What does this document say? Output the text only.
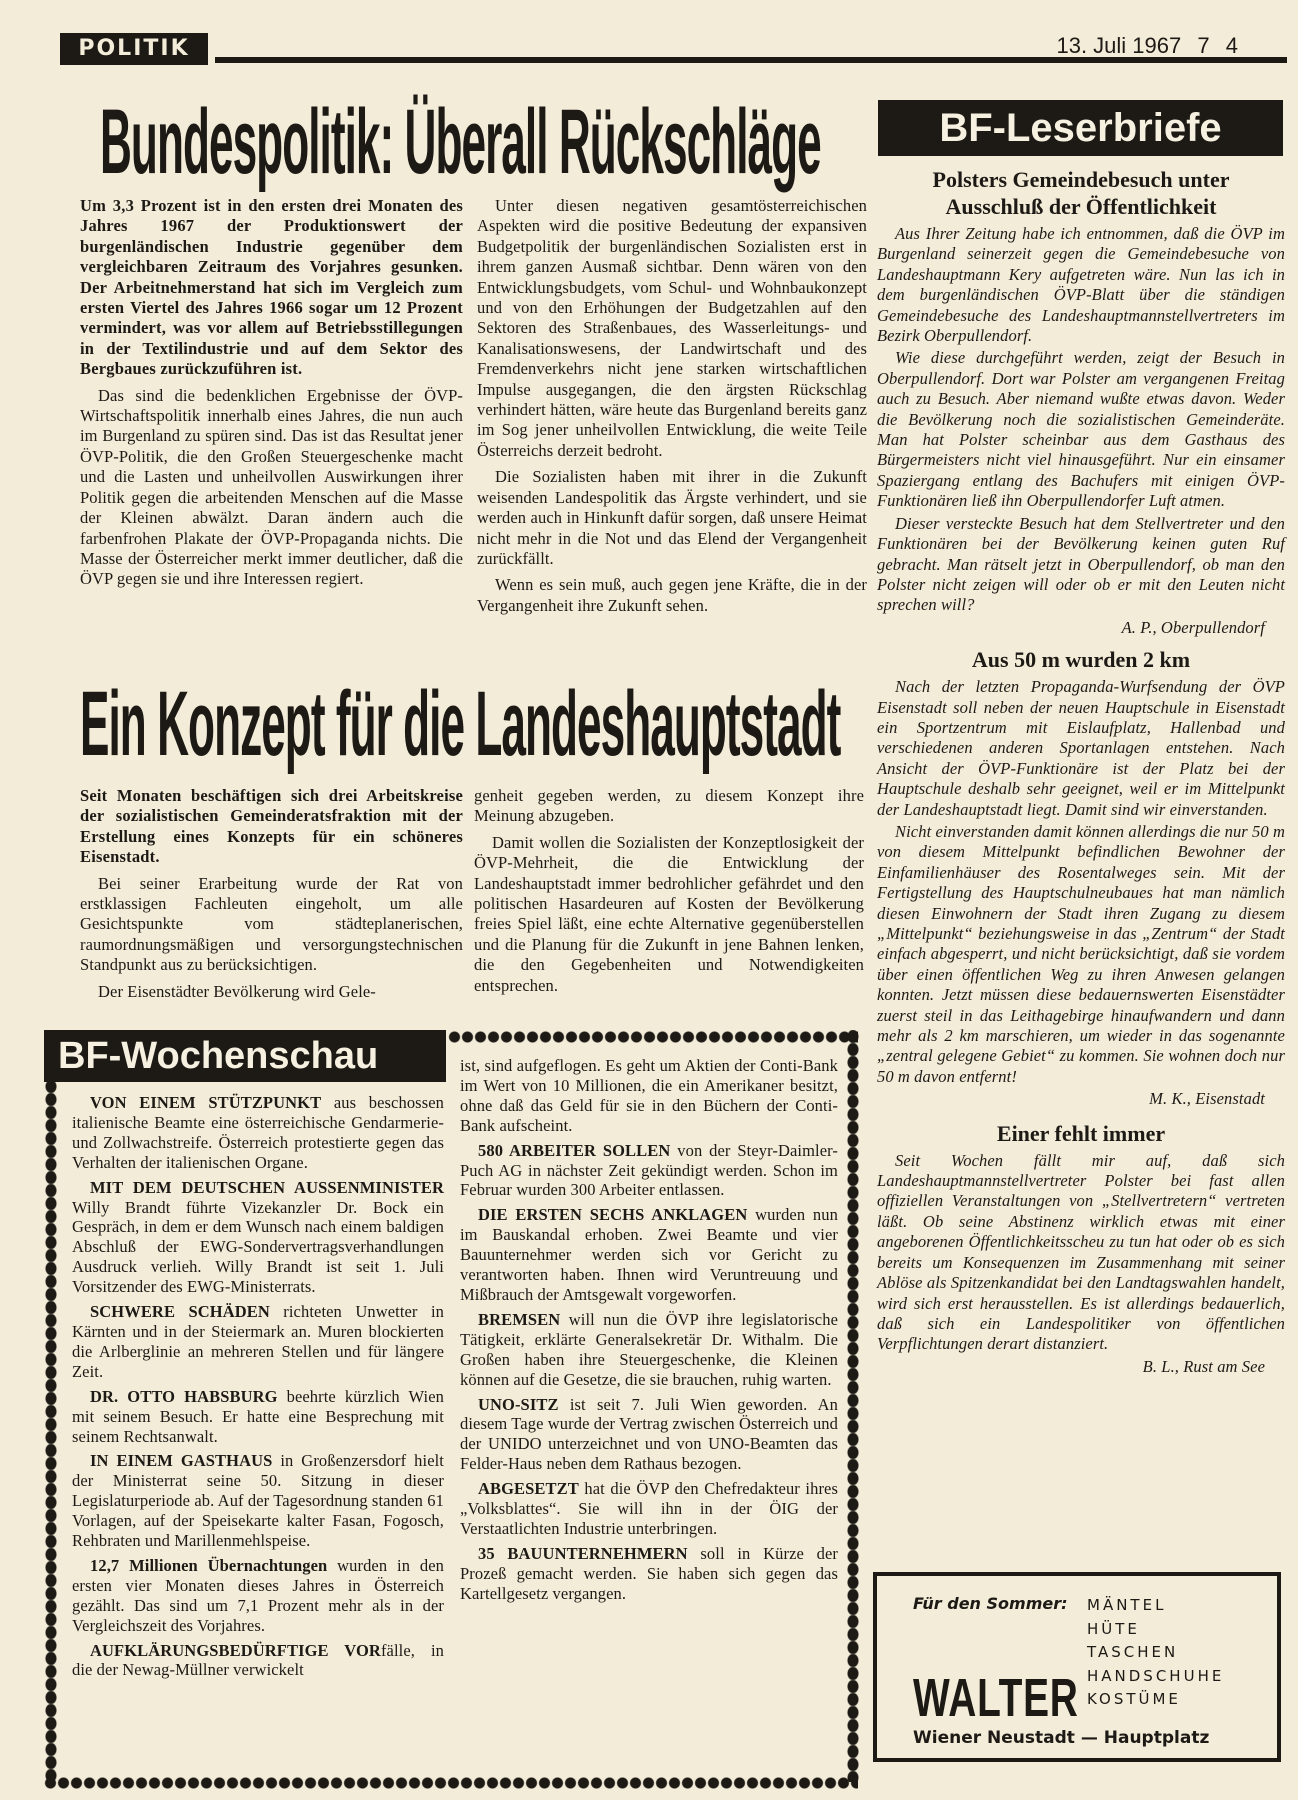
POLITIK	13. Juli 1967 7 4
Bundespolitik: Überall Rückschläge

Um 3,3 Prozent ist in den ersten drei Monaten des Jahres 1967 der Produktionswert der burgenländischen Industrie gegenüber dem vergleichbaren Zeitraum des Vorjahres gesunken. Der Arbeitnehmerstand hat sich im Vergleich zum ersten Viertel des Jahres 1966 sogar um 12 Prozent vermindert, was vor allem auf Betriebsstillegungen in der Textilindustrie und auf dem Sektor des Bergbaues zurückzuführen ist.

Das sind die bedenklichen Ergebnisse der ÖVP-Wirtschaftspolitik innerhalb eines Jahres, die nun auch im Burgenland zu spüren sind. Das ist das Resultat jener ÖVP-Politik, die den Großen Steuergeschenke macht und die Lasten und unheilvollen Auswirkungen ihrer Politik gegen die arbeitenden Menschen auf die Masse der Kleinen abwälzt. Daran ändern auch die farbenfrohen Plakate der ÖVP-Propaganda nichts. Die Masse der Österreicher merkt immer deutlicher, daß die ÖVP gegen sie und ihre Interessen regiert.

Unter diesen negativen gesamtösterreichischen Aspekten wird die positive Bedeutung der expansiven Budgetpolitik der burgenländischen Sozialisten erst in ihrem ganzen Ausmaß sichtbar. Denn wären von den Entwicklungsbudgets, vom Schul- und Wohnbaukonzept und von den Erhöhungen der Budgetzahlen auf den Sektoren des Straßenbaues, des Wasserleitungs- und Kanalisationswesens, der Landwirtschaft und des Fremdenverkehrs nicht jene starken wirtschaftlichen Impulse ausgegangen, die den ärgsten Rückschlag verhindert hätten, wäre heute das Burgenland bereits ganz im Sog jener unheilvollen Entwicklung, die weite Teile Österreichs derzeit bedroht.

Die Sozialisten haben mit ihrer in die Zukunft weisenden Landespolitik das Ärgste verhindert, und sie werden auch in Hinkunft dafür sorgen, daß unsere Heimat nicht mehr in die Not und das Elend der Vergangenheit zurückfällt.

Wenn es sein muß, auch gegen jene Kräfte, die in der Vergangenheit ihre Zukunft sehen.

Ein Konzept für die Landeshauptstadt

Seit Monaten beschäftigen sich drei Arbeitskreise der sozialistischen Gemeinderatsfraktion mit der Erstellung eines Konzepts für ein schöneres Eisenstadt.

Bei seiner Erarbeitung wurde der Rat von erstklassigen Fachleuten eingeholt, um alle Gesichtspunkte vom städteplanerischen, raumordnungsmäßigen und versorgungstechnischen Standpunkt aus zu berücksichtigen.

Der Eisenstädter Bevölkerung wird Gele-

genheit gegeben werden, zu diesem Konzept ihre Meinung abzugeben.

Damit wollen die Sozialisten der Konzeptlosigkeit der ÖVP-Mehrheit, die die Entwicklung der Landeshauptstadt immer bedrohlicher gefährdet und den politischen Hasardeuren auf Kosten der Bevölkerung freies Spiel läßt, eine echte Alternative gegenüberstellen und die Planung für die Zukunft in jene Bahnen lenken, die den Gegebenheiten und Notwendigkeiten entsprechen.

BF-Leserbriefe
Polsters Gemeindebesuch unter Ausschluß der Öffentlichkeit

Aus Ihrer Zeitung habe ich entnommen, daß die ÖVP im Burgenland seinerzeit gegen die Gemeindebesuche von Landeshauptmann Kery aufgetreten wäre. Nun las ich in dem burgenländischen ÖVP-Blatt über die ständigen Gemeindebesuche des Landeshauptmannstellvertreters im Bezirk Oberpullendorf.

Wie diese durchgeführt werden, zeigt der Besuch in Oberpullendorf. Dort war Polster am vergangenen Freitag auch zu Besuch. Aber niemand wußte etwas davon. Weder die Bevölkerung noch die sozialistischen Gemeinderäte. Man hat Polster scheinbar aus dem Gasthaus des Bürgermeisters nicht viel hinausgeführt. Nur ein einsamer Spaziergang entlang des Bachufers mit einigen ÖVP-Funktionären ließ ihn Oberpullendorfer Luft atmen.

Dieser versteckte Besuch hat dem Stellvertreter und den Funktionären bei der Bevölkerung keinen guten Ruf gebracht. Man rätselt jetzt in Oberpullendorf, ob man den Polster nicht zeigen will oder ob er mit den Leuten nicht sprechen will?

A. P., Oberpullendorf
Aus 50 m wurden 2 km

Nach der letzten Propaganda-Wurfsendung der ÖVP Eisenstadt soll neben der neuen Hauptschule in Eisenstadt ein Sportzentrum mit Eislaufplatz, Hallenbad und verschiedenen anderen Sportanlagen entstehen. Nach Ansicht der ÖVP-Funktionäre ist der Platz bei der Hauptschule deshalb sehr geeignet, weil er im Mittelpunkt der Landeshauptstadt liegt. Damit sind wir einverstanden.

Nicht einverstanden damit können allerdings die nur 50 m von diesem Mittelpunkt befindlichen Bewohner der Einfamilienhäuser des Rosentalweges sein. Mit der Fertigstellung des Hauptschulneubaues hat man nämlich diesen Einwohnern der Stadt ihren Zugang zu diesem „Mittelpunkt“ beziehungsweise in das „Zentrum“ der Stadt einfach abgesperrt, und nicht berücksichtigt, daß sie vordem über einen öffentlichen Weg zu ihren Anwesen gelangen konnten. Jetzt müssen diese bedauernswerten Eisenstädter zuerst steil in das Leithagebirge hinaufwandern und dann mehr als 2 km marschieren, um wieder in das sogenannte „zentral gelegene Gebiet“ zu kommen. Sie wohnen doch nur 50 m davon entfernt!

M. K., Eisenstadt
Einer fehlt immer

Seit Wochen fällt mir auf, daß sich Landeshauptmannstellvertreter Polster bei fast allen offiziellen Veranstaltungen von „Stellvertretern“ vertreten läßt. Ob seine Abstinenz wirklich etwas mit einer angeborenen Öffentlichkeitsscheu zu tun hat oder ob es sich bereits um Konsequenzen im Zusammenhang mit seiner Ablöse als Spitzenkandidat bei den Landtagswahlen handelt, wird sich erst herausstellen. Es ist allerdings bedauerlich, daß sich ein Landespolitiker von öffentlichen Verpflichtungen derart distanziert.

B. L., Rust am See
BF-Wochenschau

VON EINEM STÜTZPUNKT aus beschossen italienische Beamte eine österreichische Gendarmerie- und Zollwachstreife. Österreich protestierte gegen das Verhalten der italienischen Organe.

MIT DEM DEUTSCHEN AUSSENMINISTER Willy Brandt führte Vizekanzler Dr. Bock ein Gespräch, in dem er dem Wunsch nach einem baldigen Abschluß der EWG-Sondervertragsverhandlungen Ausdruck verlieh. Willy Brandt ist seit 1. Juli Vorsitzender des EWG-Ministerrats.

SCHWERE SCHÄDEN richteten Unwetter in Kärnten und in der Steiermark an. Muren blockierten die Arlberglinie an mehreren Stellen und für längere Zeit.

DR. OTTO HABSBURG beehrte kürzlich Wien mit seinem Besuch. Er hatte eine Besprechung mit seinem Rechtsanwalt.

IN EINEM GASTHAUS in Großenzersdorf hielt der Ministerrat seine 50. Sitzung in dieser Legislaturperiode ab. Auf der Tagesordnung standen 61 Vorlagen, auf der Speisekarte kalter Fasan, Fogosch, Rehbraten und Marillenmehlspeise.

12,7 Millionen Übernachtungen wurden in den ersten vier Monaten dieses Jahres in Österreich gezählt. Das sind um 7,1 Prozent mehr als in der Vergleichszeit des Vorjahres.

AUFKLÄRUNGSBEDÜRFTIGE VORfälle, in die der Newag-Müllner verwickelt

ist, sind aufgeflogen. Es geht um Aktien der Conti-Bank im Wert von 10 Millionen, die ein Amerikaner besitzt, ohne daß das Geld für sie in den Büchern der Conti-Bank aufscheint.

580 ARBEITER SOLLEN von der Steyr-Daimler-Puch AG in nächster Zeit gekündigt werden. Schon im Februar wurden 300 Arbeiter entlassen.

DIE ERSTEN SECHS ANKLAGEN wurden nun im Bauskandal erhoben. Zwei Beamte und vier Bauunternehmer werden sich vor Gericht zu verantworten haben. Ihnen wird Veruntreuung und Mißbrauch der Amtsgewalt vorgeworfen.

BREMSEN will nun die ÖVP ihre legislatorische Tätigkeit, erklärte Generalsekretär Dr. Withalm. Die Großen haben ihre Steuergeschenke, die Kleinen können auf die Gesetze, die sie brauchen, ruhig warten.

UNO-SITZ ist seit 7. Juli Wien geworden. An diesem Tage wurde der Vertrag zwischen Österreich und der UNIDO unterzeichnet und von UNO-Beamten das Felder-Haus neben dem Rathaus bezogen.

ABGESETZT hat die ÖVP den Chefredakteur ihres „Volksblattes“. Sie will ihn in der ÖIG der Verstaatlichten Industrie unterbringen.

35 BAUUNTERNEHMERN soll in Kürze der Prozeß gemacht werden. Sie haben sich gegen das Kartellgesetz vergangen.

Für den Sommer: MÄNTEL
HÜTE
TASCHEN
HANDSCHUHE
KOSTÜME
WALTER
Wiener Neustadt — Hauptplatz
